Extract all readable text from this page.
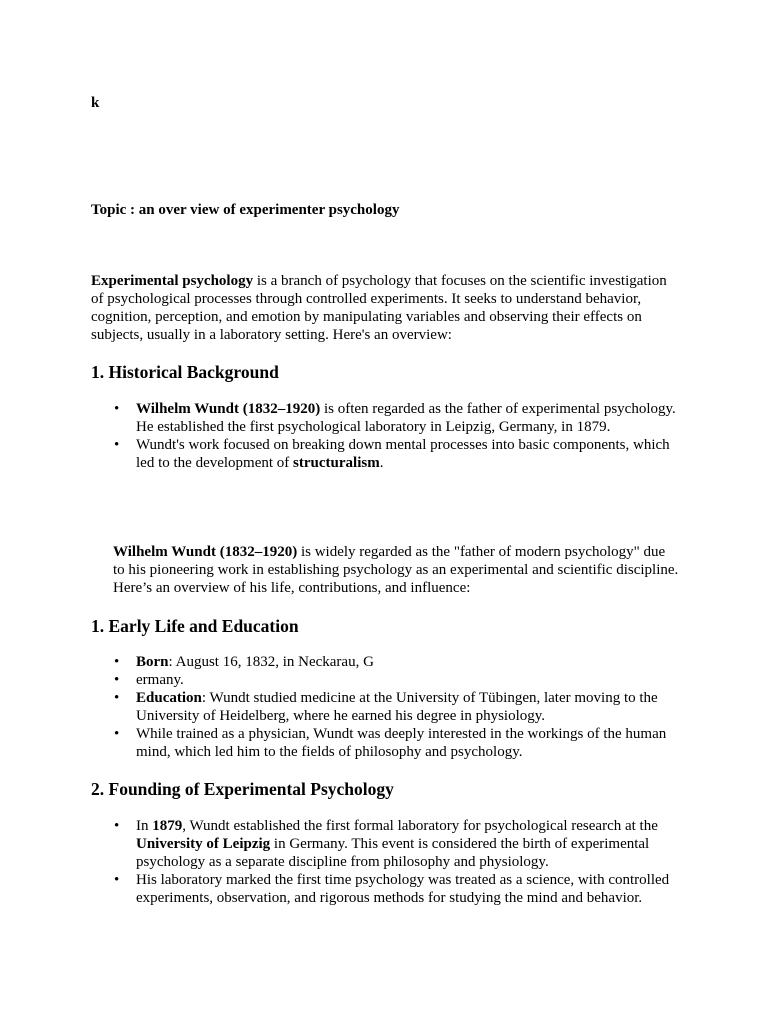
k
Topic : an over view of experimenter psychology

Experimental psychology is a branch of psychology that focuses on the scientific investigation of psychological processes through controlled experiments. It seeks to understand behavior, cognition, perception, and emotion by manipulating variables and observing their effects on subjects, usually in a laboratory setting. Here's an overview:

1. Historical Background
• Wilhelm Wundt (1832–1920) is often regarded as the father of experimental psychology. He established the first psychological laboratory in Leipzig, Germany, in 1879.
• Wundt's work focused on breaking down mental processes into basic components, which led to the development of structuralism.

Wilhelm Wundt (1832–1920) is widely regarded as the "father of modern psychology" due to his pioneering work in establishing psychology as an experimental and scientific discipline. Here’s an overview of his life, contributions, and influence:

1. Early Life and Education
• Born: August 16, 1832, in Neckarau, G
• ermany.
• Education: Wundt studied medicine at the University of Tübingen, later moving to the University of Heidelberg, where he earned his degree in physiology.
• While trained as a physician, Wundt was deeply interested in the workings of the human mind, which led him to the fields of philosophy and psychology.
2. Founding of Experimental Psychology
• In 1879, Wundt established the first formal laboratory for psychological research at the University of Leipzig in Germany. This event is considered the birth of experimental psychology as a separate discipline from philosophy and physiology.
• His laboratory marked the first time psychology was treated as a science, with controlled experiments, observation, and rigorous methods for studying the mind and behavior.
